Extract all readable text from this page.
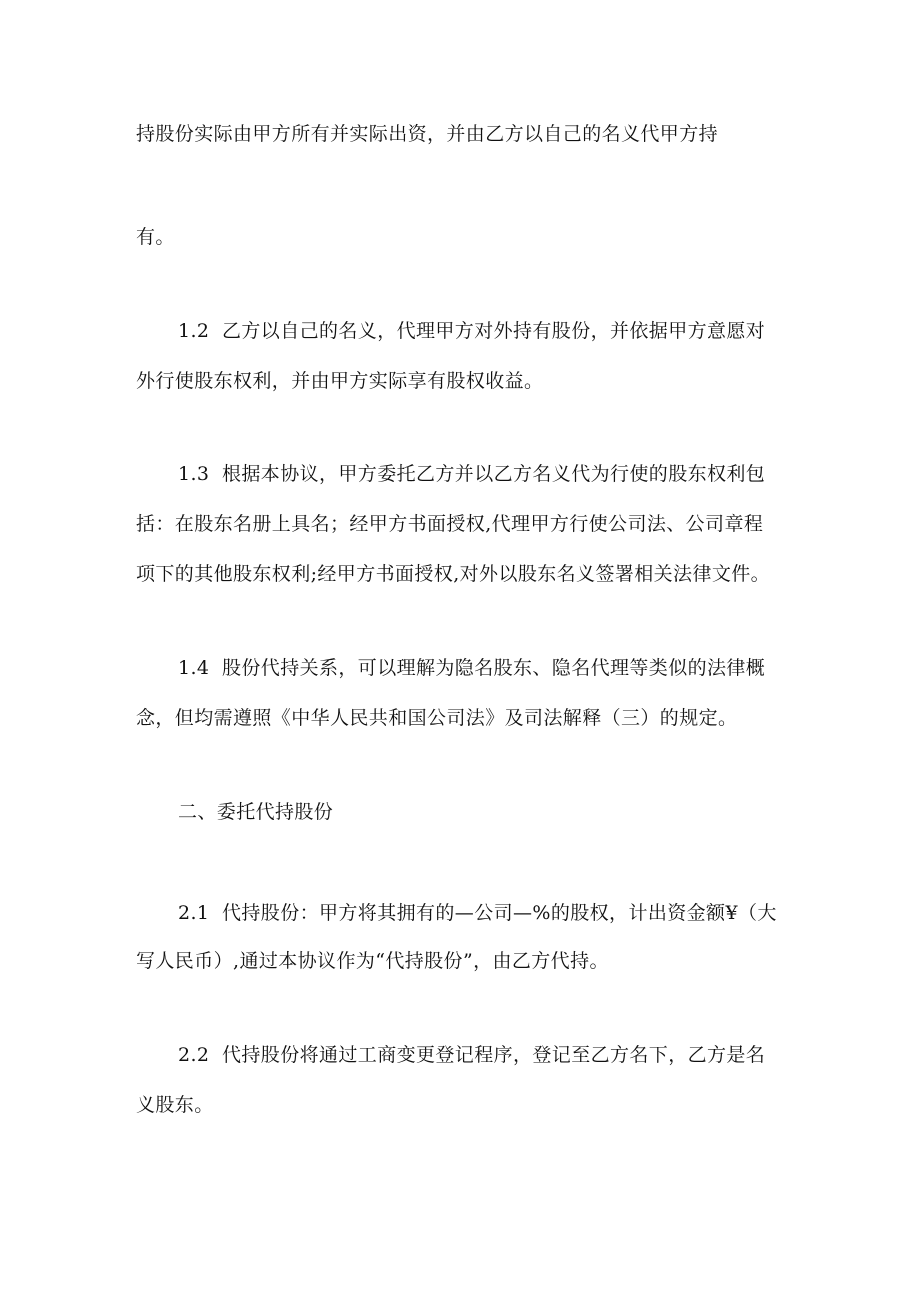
持股份实际由甲方所有并实际出资，并由乙方以自己的名义代甲方持
有。
1.2 乙方以自己的名义，代理甲方对外持有股份，并依据甲方意愿对
外行使股东权利，并由甲方实际享有股权收益。
1.3 根据本协议，甲方委托乙方并以乙方名义代为行使的股东权利包
括：在股东名册上具名；经甲方书面授权,代理甲方行使公司法、公司章程
项下的其他股东权利;经甲方书面授权,对外以股东名义签署相关法律文件。
1.4 股份代持关系，可以理解为隐名股东、隐名代理等类似的法律概
念，但均需遵照《中华人民共和国公司法》及司法解释（三）的规定。
二、委托代持股份
2.1 代持股份：甲方将其拥有的—公司—%的股权，计出资金额¥（大
写人民币）,通过本协议作为“代持股份”，由乙方代持。
2.2 代持股份将通过工商变更登记程序，登记至乙方名下，乙方是名
义股东。
